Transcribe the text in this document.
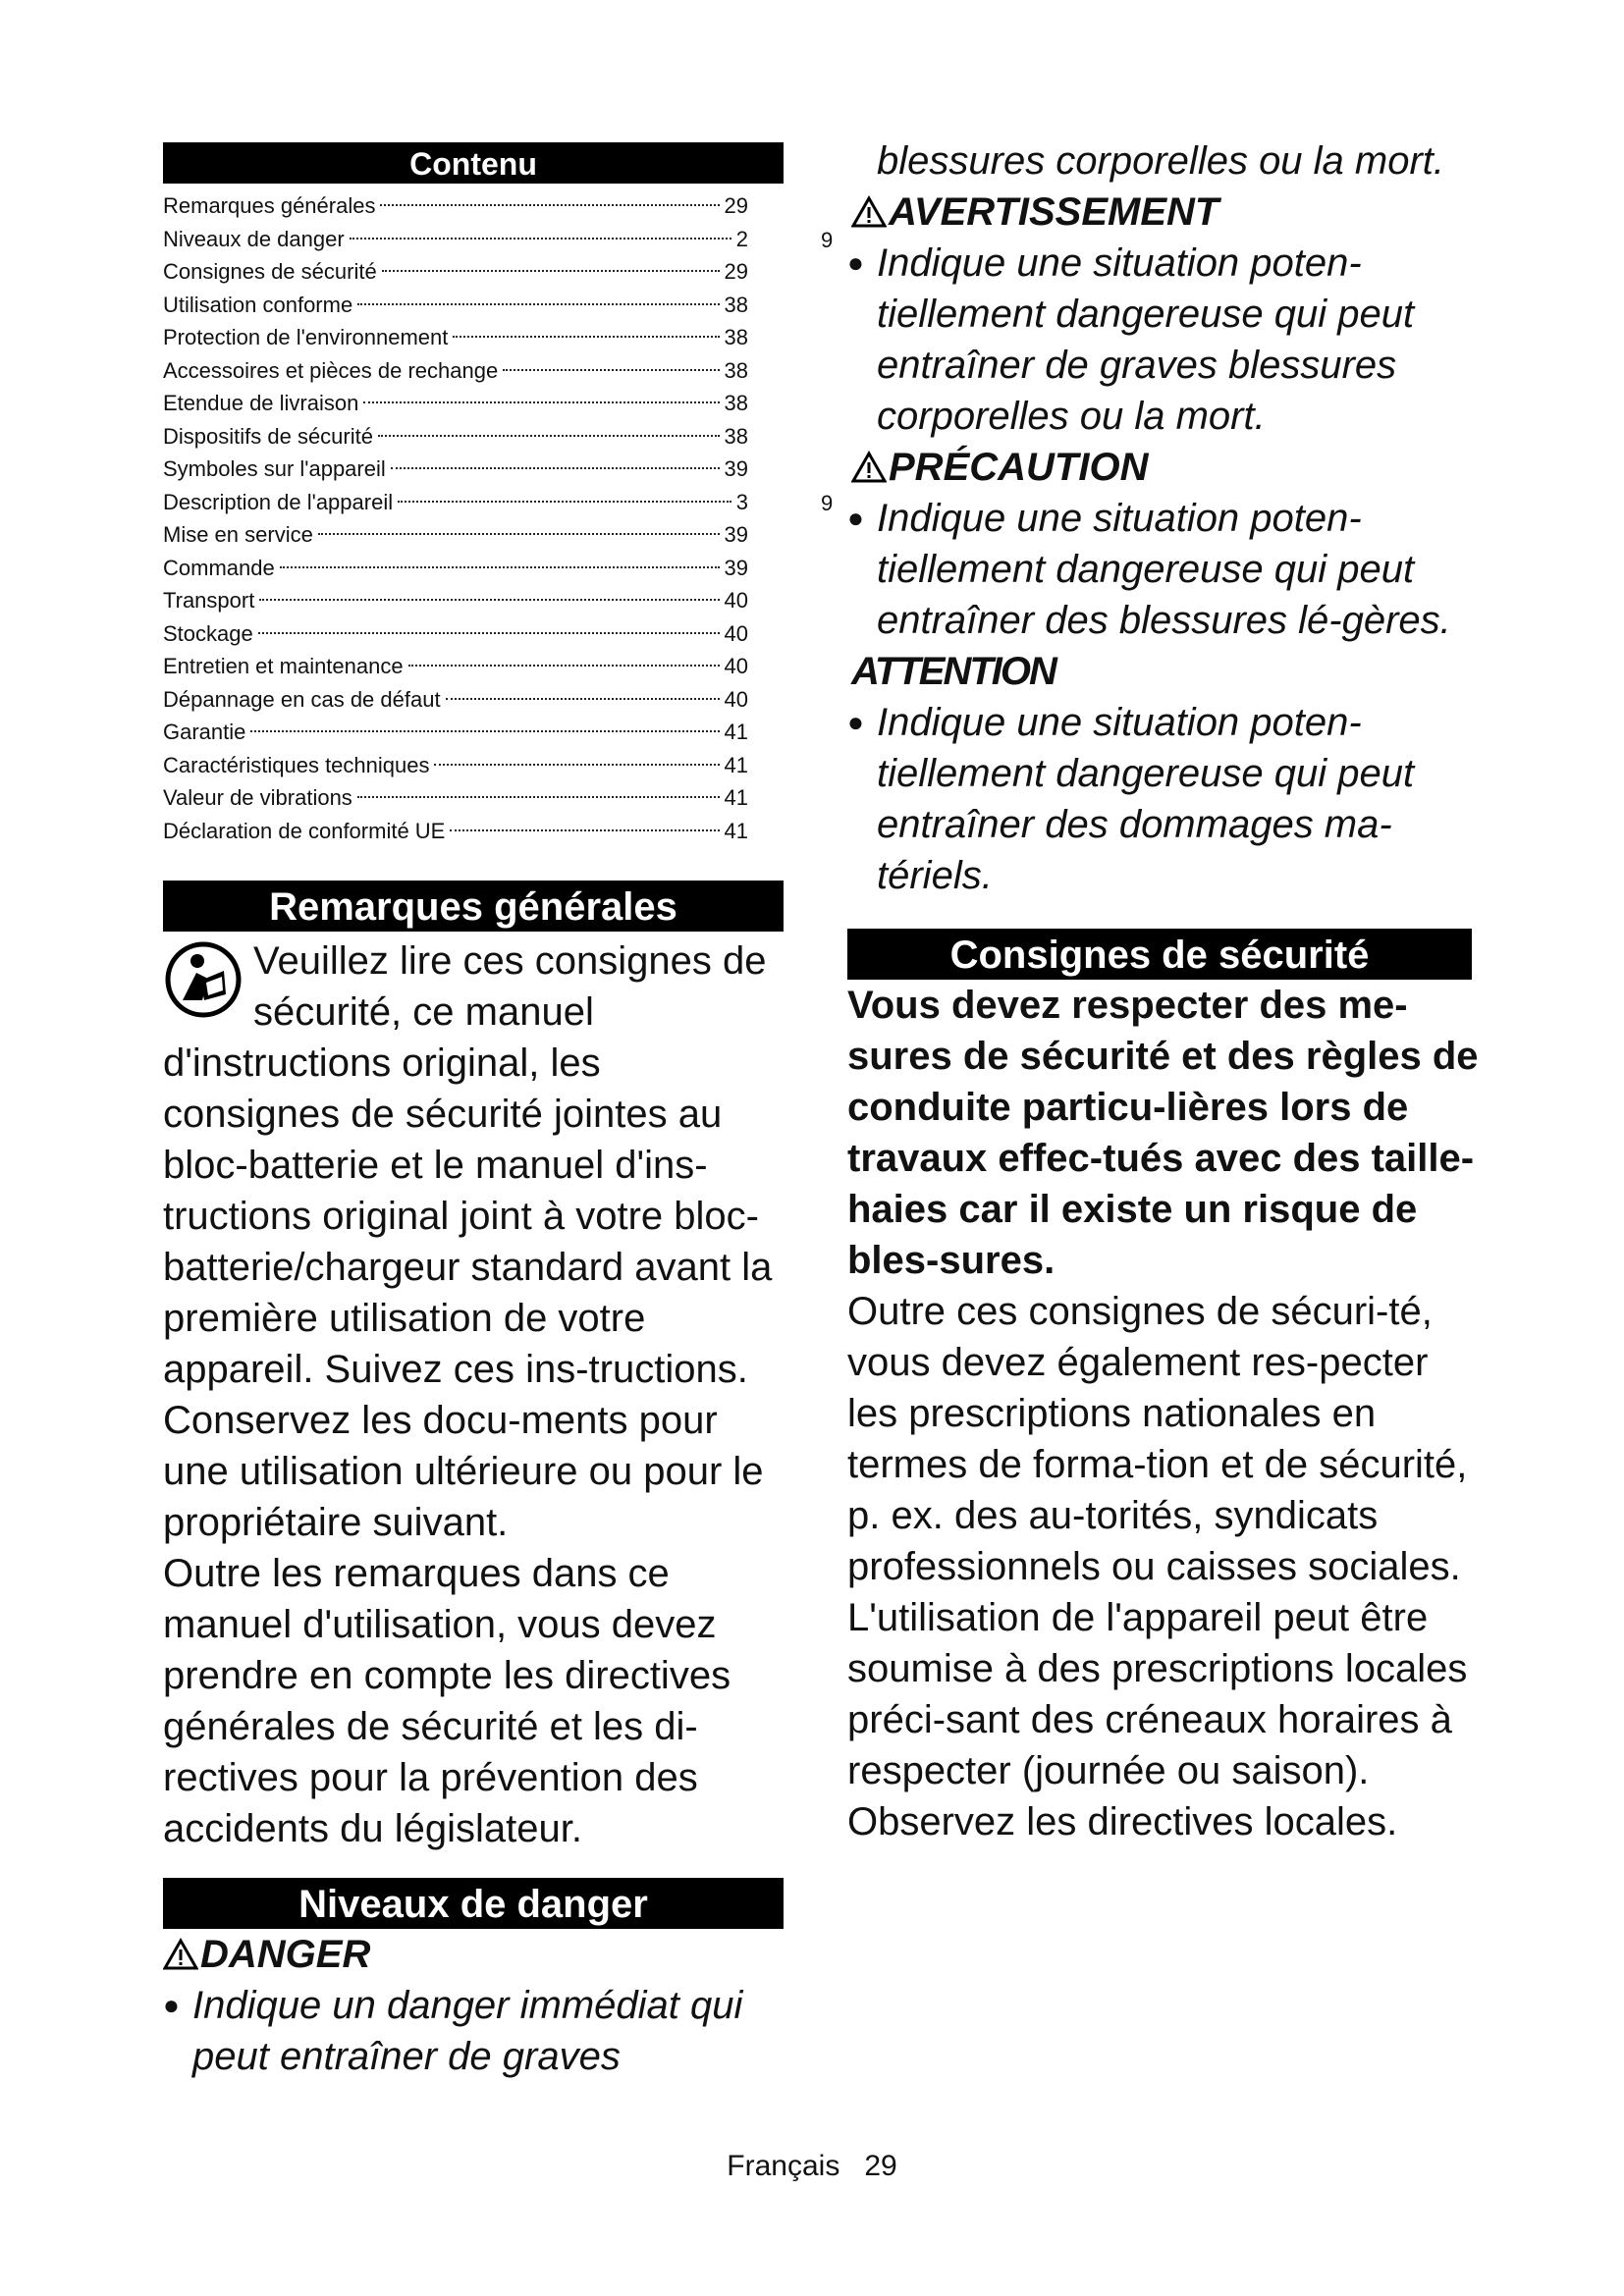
Contenu
Remarques générales	29
Niveaux de danger	2
Consignes de sécurité	29
Utilisation conforme	38
Protection de l'environnement	38
Accessoires et pièces de rechange	38
Etendue de livraison	38
Dispositifs de sécurité	38
Symboles sur l'appareil	39
Description de l'appareil	3
Mise en service	39
Commande	39
Transport	40
Stockage	40
Entretien et maintenance	40
Dépannage en cas de défaut	40
Garantie	41
Caractéristiques techniques	41
Valeur de vibrations	41
Déclaration de conformité UE	41
Remarques générales
Veuillez lire ces consignes de sécurité, ce manuel d'instructions original, les consignes de sécurité jointes au bloc-batterie et le manuel d'ins-tructions original joint à votre bloc-batterie/chargeur standard avant la première utilisation de votre appareil. Suivez ces ins-tructions. Conservez les docu-ments pour une utilisation ultérieure ou pour le propriétaire suivant.
Outre les remarques dans ce manuel d'utilisation, vous devez prendre en compte les directives générales de sécurité et les di-rectives pour la prévention des accidents du législateur.
Niveaux de danger
DANGER
● Indique un danger immédiat qui peut entraîner de graves
9
9
blessures corporelles ou la mort.
AVERTISSEMENT
● Indique une situation poten-tiellement dangereuse qui peut entraîner de graves blessures corporelles ou la mort.
PRÉCAUTION
● Indique une situation poten-tiellement dangereuse qui peut entraîner des blessures lé-gères.
ATTENTION
● Indique une situation poten-tiellement dangereuse qui peut entraîner des dommages ma-tériels.
Consignes de sécurité
Vous devez respecter des me-sures de sécurité et des règles de conduite particu-lières lors de travaux effec-tués avec des taille-haies car il existe un risque de bles-sures.
Outre ces consignes de sécuri-té, vous devez également res-pecter les prescriptions nationales en termes de forma-tion et de sécurité, p. ex. des au-torités, syndicats professionnels ou caisses sociales. L'utilisation de l'appareil peut être soumise à des prescriptions locales préci-sant des créneaux horaires à respecter (journée ou saison). Observez les directives locales.
Français 29
